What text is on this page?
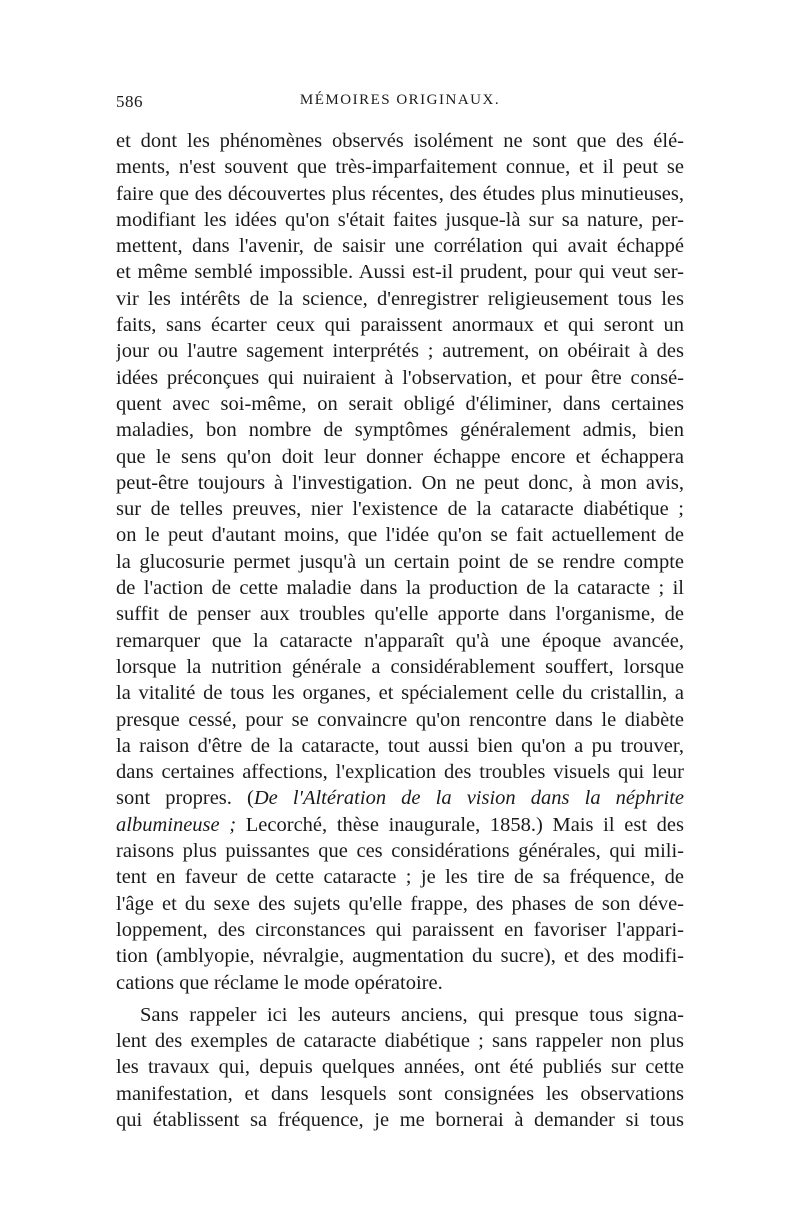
586	MÉMOIRES ORIGINAUX.
et dont les phénomènes observés isolément ne sont que des élé-
ments, n'est souvent que très-imparfaitement connue, et il peut se
faire que des découvertes plus récentes, des études plus minutieuses,
modifiant les idées qu'on s'était faites jusque-là sur sa nature, per-
mettent, dans l'avenir, de saisir une corrélation qui avait échappé
et même semblé impossible. Aussi est-il prudent, pour qui veut ser-
vir les intérêts de la science, d'enregistrer religieusement tous les
faits, sans écarter ceux qui paraissent anormaux et qui seront un
jour ou l'autre sagement interprétés ; autrement, on obéirait à des
idées préconçues qui nuiraient à l'observation, et pour être consé-
quent avec soi-même, on serait obligé d'éliminer, dans certaines
maladies, bon nombre de symptômes généralement admis, bien
que le sens qu'on doit leur donner échappe encore et échappera
peut-être toujours à l'investigation. On ne peut donc, à mon avis,
sur de telles preuves, nier l'existence de la cataracte diabétique ;
on le peut d'autant moins, que l'idée qu'on se fait actuellement de
la glucosurie permet jusqu'à un certain point de se rendre compte
de l'action de cette maladie dans la production de la cataracte ; il
suffit de penser aux troubles qu'elle apporte dans l'organisme, de
remarquer que la cataracte n'apparaît qu'à une époque avancée,
lorsque la nutrition générale a considérablement souffert, lorsque
la vitalité de tous les organes, et spécialement celle du cristallin, a
presque cessé, pour se convaincre qu'on rencontre dans le diabète
la raison d'être de la cataracte, tout aussi bien qu'on a pu trouver,
dans certaines affections, l'explication des troubles visuels qui leur
sont propres. (De l'Altération de la vision dans la néphrite
albumineuse ; Lecorché, thèse inaugurale, 1858.) Mais il est des
raisons plus puissantes que ces considérations générales, qui mili-
tent en faveur de cette cataracte ; je les tire de sa fréquence, de
l'âge et du sexe des sujets qu'elle frappe, des phases de son déve-
loppement, des circonstances qui paraissent en favoriser l'appari-
tion (amblyopie, névralgie, augmentation du sucre), et des modifi-
cations que réclame le mode opératoire.
Sans rappeler ici les auteurs anciens, qui presque tous signa-
lent des exemples de cataracte diabétique ; sans rappeler non plus
les travaux qui, depuis quelques années, ont été publiés sur cette
manifestation, et dans lesquels sont consignées les observations
qui établissent sa fréquence, je me bornerai à demander si tous
